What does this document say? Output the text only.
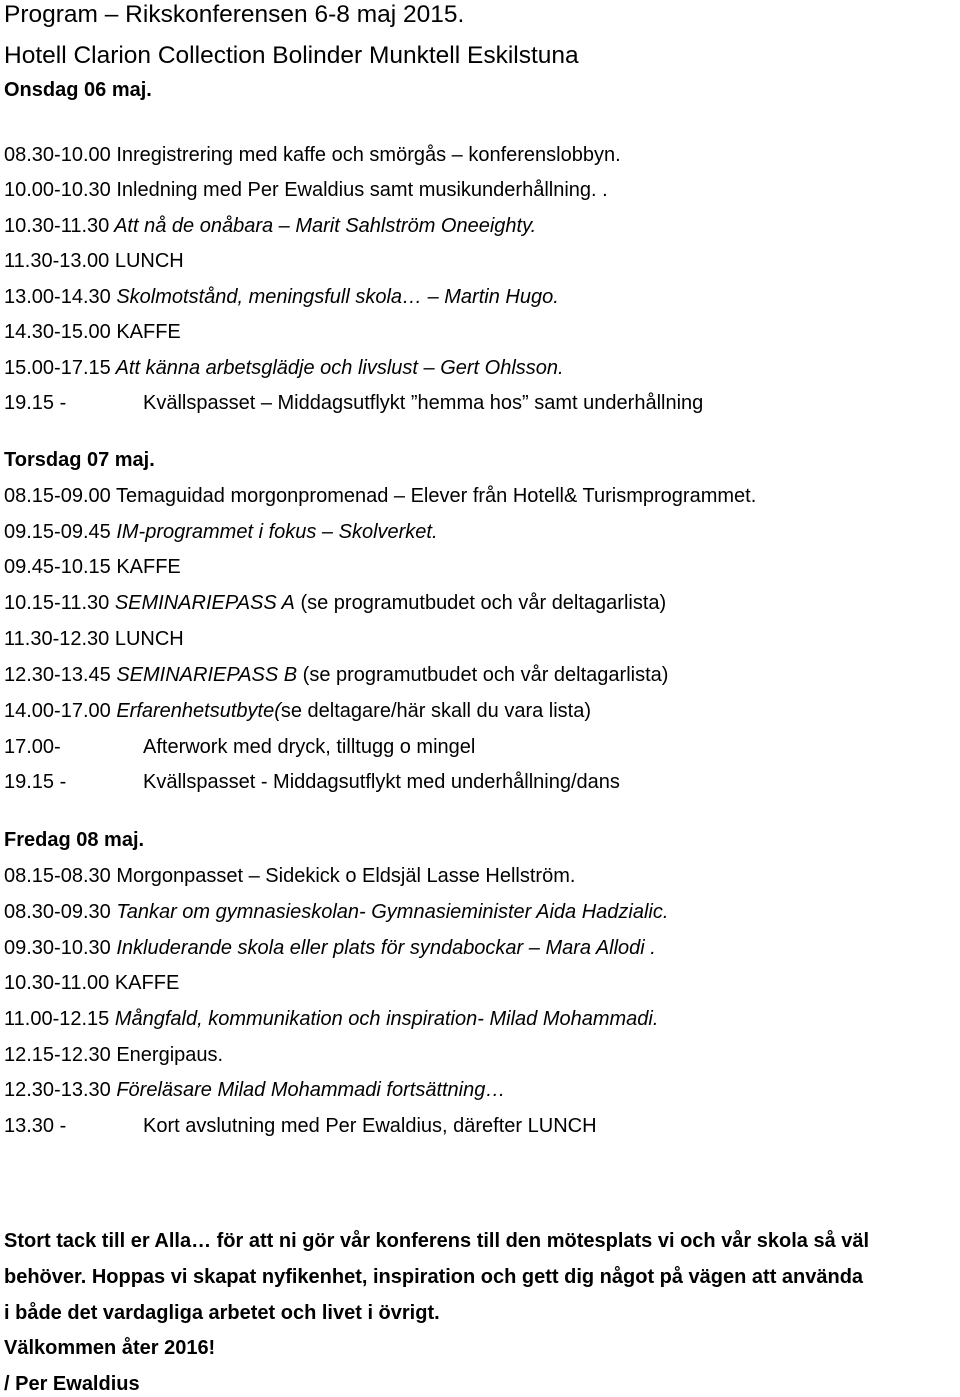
Program – Rikskonferensen 6-8 maj 2015.
Hotell Clarion Collection Bolinder Munktell Eskilstuna
Onsdag 06 maj.
08.30-10.00 Inregistrering med kaffe och smörgås – konferenslobbyn.
10.00-10.30 Inledning med Per Ewaldius samt musikunderhållning. .
10.30-11.30 Att nå de onåbara – Marit Sahlström Oneeighty.
11.30-13.00 LUNCH
13.00-14.30 Skolmotstånd, meningsfull skola… – Martin Hugo.
14.30-15.00 KAFFE
15.00-17.15 Att känna arbetsglädje och livslust – Gert Ohlsson.
19.15 -	Kvällspasset – Middagsutflykt ”hemma hos” samt underhållning
Torsdag 07 maj.
08.15-09.00 Temaguidad morgonpromenad – Elever från Hotell& Turismprogrammet.
09.15-09.45 IM-programmet i fokus – Skolverket.
09.45-10.15 KAFFE
10.15-11.30 SEMINARIEPASS A (se programutbudet och vår deltagarlista)
11.30-12.30 LUNCH
12.30-13.45 SEMINARIEPASS B (se programutbudet och vår deltagarlista)
14.00-17.00 Erfarenhetsutbyte(se deltagare/här skall du vara lista)
17.00-	Afterwork med dryck, tilltugg o mingel
19.15 -	Kvällspasset - Middagsutflykt med underhållning/dans
Fredag 08 maj.
08.15-08.30 Morgonpasset – Sidekick o Eldsjäl Lasse Hellström.
08.30-09.30 Tankar om gymnasieskolan- Gymnasieminister Aida Hadzialic.
09.30-10.30 Inkluderande skola eller plats för syndabockar – Mara Allodi .
10.30-11.00 KAFFE
11.00-12.15 Mångfald, kommunikation och inspiration- Milad Mohammadi.
12.15-12.30 Energipaus.
12.30-13.30 Föreläsare Milad Mohammadi fortsättning…
13.30 -	Kort avslutning med Per Ewaldius, därefter LUNCH
Stort tack till er Alla… för att ni gör vår konferens till den mötesplats vi och vår skola så väl
behöver. Hoppas vi skapat nyfikenhet, inspiration och gett dig något på vägen att använda
i både det vardagliga arbetet och livet i övrigt.
Välkommen åter 2016!
/ Per Ewaldius
